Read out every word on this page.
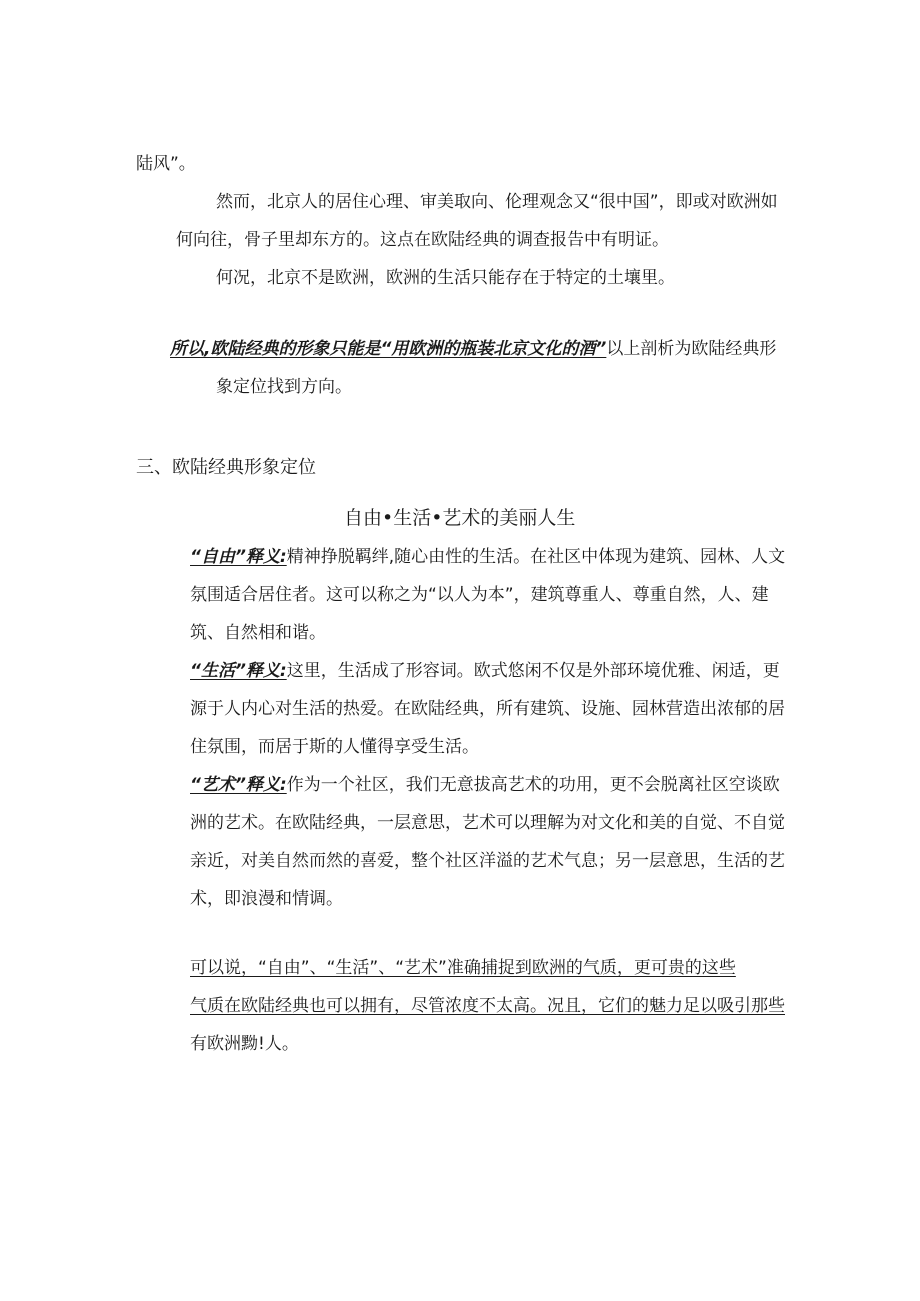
陆风”。
然而，北京人的居住心理、审美取向、伦理观念又“很中国”，即或对欧洲如
何向往，骨子里却东方的。这点在欧陆经典的调查报告中有明证。
何况，北京不是欧洲，欧洲的生活只能存在于特定的土壤里。
所以,欧陆经典的形象只能是“用欧洲的瓶装北京文化的酒”以上剖析为欧陆经典形
象定位找到方向。
三、欧陆经典形象定位
自由•生活•艺术的美丽人生
“自由”释义:精神挣脱羁绊,随心由性的生活。在社区中体现为建筑、园林、人文
氛围适合居住者。这可以称之为“以人为本”，建筑尊重人、尊重自然，人、建
筑、自然相和谐。
“生活”释义:这里，生活成了形容词。欧式悠闲不仅是外部环境优雅、闲适，更
源于人内心对生活的热爱。在欧陆经典，所有建筑、设施、园林营造出浓郁的居
住氛围，而居于斯的人懂得享受生活。
“艺术”释义:作为一个社区，我们无意拔高艺术的功用，更不会脱离社区空谈欧
洲的艺术。在欧陆经典，一层意思，艺术可以理解为对文化和美的自觉、不自觉
亲近，对美自然而然的喜爱，整个社区洋溢的艺术气息；另一层意思，生活的艺
术，即浪漫和情调。
可以说，“自由”、“生活”、“艺术”准确捕捉到欧洲的气质，更可贵的这些
气质在欧陆经典也可以拥有，尽管浓度不太高。况且，它们的魅力足以吸引那些
有欧洲黝!人。
